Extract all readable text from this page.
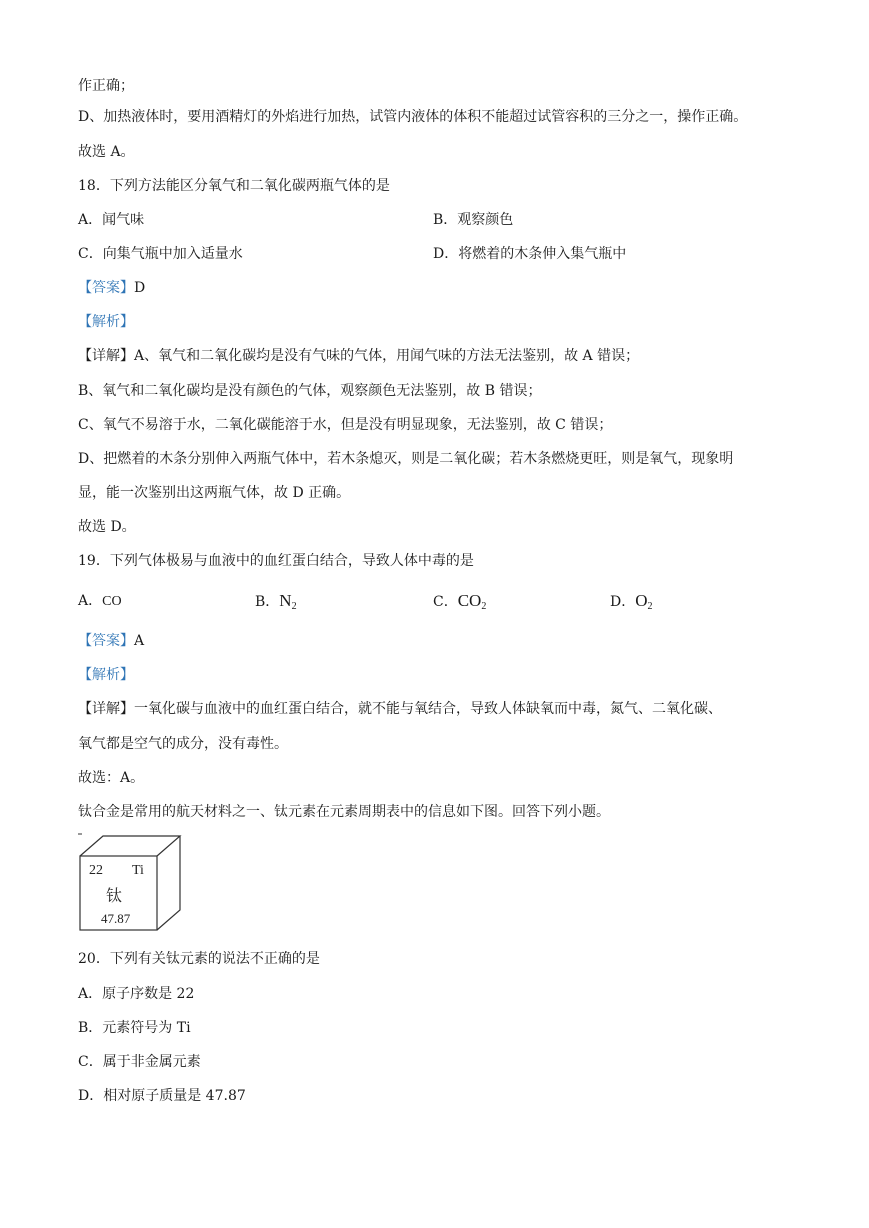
作正确；
D、加热液体时，要用酒精灯的外焰进行加热，试管内液体的体积不能超过试管容积的三分之一，操作正确。
故选 A。
18．下列方法能区分氧气和二氧化碳两瓶气体的是
A．闻气味	B．观察颜色
C．向集气瓶中加入适量水	D．将燃着的木条伸入集气瓶中
【答案】D
【解析】
【详解】A、氧气和二氧化碳均是没有气味的气体，用闻气味的方法无法鉴别，故 A 错误；
B、氧气和二氧化碳均是没有颜色的气体，观察颜色无法鉴别，故 B 错误；
C、氧气不易溶于水，二氧化碳能溶于水，但是没有明显现象，无法鉴别，故 C 错误；
D、把燃着的木条分别伸入两瓶气体中，若木条熄灭，则是二氧化碳；若木条燃烧更旺，则是氧气，现象明
显，能一次鉴别出这两瓶气体，故 D 正确。
故选 D。
19．下列气体极易与血液中的血红蛋白结合，导致人体中毒的是
A．CO	B．$N_2$	C．$CO_2$	D．$O_2$
【答案】A
【解析】
【详解】一氧化碳与血液中的血红蛋白结合，就不能与氧结合，导致人体缺氧而中毒，氮气、二氧化碳、
氧气都是空气的成分，没有毒性。
故选：A。
钛合金是常用的航天材料之一、钛元素在元素周期表中的信息如下图。回答下列小题。
22 Ti
钛
47.87
20．下列有关钛元素的说法不正确的是
A．原子序数是 22
B．元素符号为 Ti
C．属于非金属元素
D．相对原子质量是 47.87
